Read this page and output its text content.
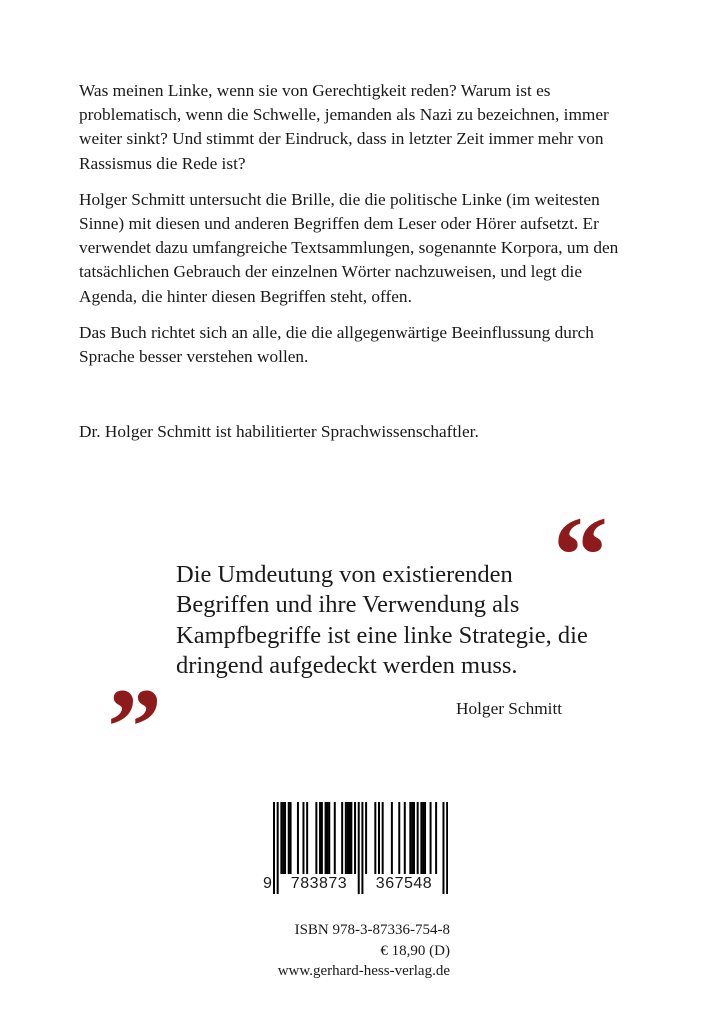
Was meinen Linke, wenn sie von Gerechtigkeit reden? Warum ist es problematisch, wenn die Schwelle, jemanden als Nazi zu bezeichnen, immer weiter sinkt? Und stimmt der Eindruck, dass in letzter Zeit immer mehr von Rassismus die Rede ist?

Holger Schmitt untersucht die Brille, die die politische Linke (im weitesten Sinne) mit diesen und anderen Begriffen dem Leser oder Hörer aufsetzt. Er verwendet dazu umfangreiche Textsammlungen, sogenannte Korpora, um den tatsächlichen Gebrauch der einzelnen Wörter nachzuweisen, und legt die Agenda, die hinter diesen Begriffen steht, offen.

Das Buch richtet sich an alle, die die allgegenwärtige Beeinflussung durch Sprache besser verstehen wollen.

Dr. Holger Schmitt ist habilitierter Sprachwissenschaftler.

“

Die Umdeutung von existierenden Begriffen und ihre Verwendung als Kampfbegriffe ist eine linke Strategie, die dringend aufgedeckt werden muss.

”	Holger Schmitt
9	783873	367548
ISBN 978-3-87336-754-8
€ 18,90 (D)
www.gerhard-hess-verlag.de
